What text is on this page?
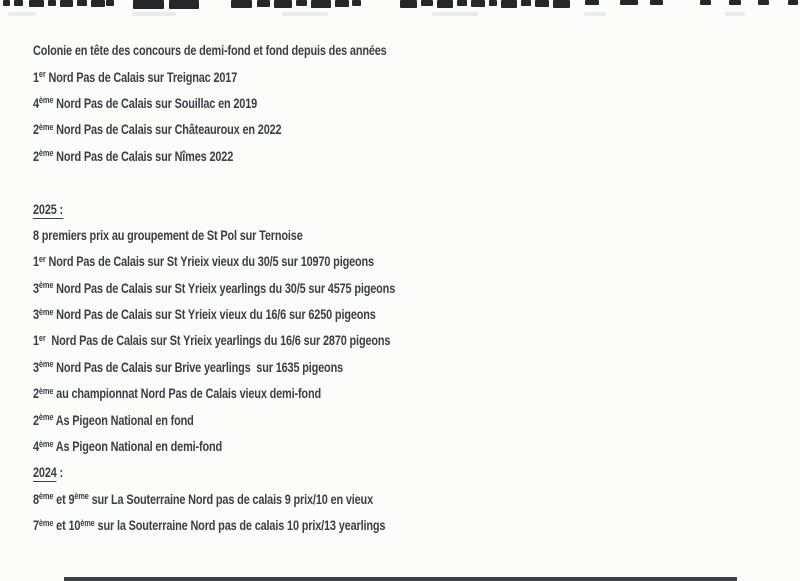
Colonie en tête des concours de demi-fond et fond depuis des années
1er Nord Pas de Calais sur Treignac 2017
4ème Nord Pas de Calais sur Souillac en 2019
2ème Nord Pas de Calais sur Châteauroux en 2022
2ème Nord Pas de Calais sur Nîmes 2022
2025 :
8 premiers prix au groupement de St Pol sur Ternoise
1er Nord Pas de Calais sur St Yrieix vieux du 30/5 sur 10970 pigeons
3ème Nord Pas de Calais sur St Yrieix yearlings du 30/5 sur 4575 pigeons
3ème Nord Pas de Calais sur St Yrieix vieux du 16/6 sur 6250 pigeons
1er  Nord Pas de Calais sur St Yrieix yearlings du 16/6 sur 2870 pigeons
3ème Nord Pas de Calais sur Brive yearlings  sur 1635 pigeons
2ème au championnat Nord Pas de Calais vieux demi-fond
2ème As Pigeon National en fond
4ème As Pigeon National en demi-fond
2024 :
8ème et 9ème sur La Souterraine Nord pas de calais 9 prix/10 en vieux
7ème et 10ème sur la Souterraine Nord pas de calais 10 prix/13 yearlings
